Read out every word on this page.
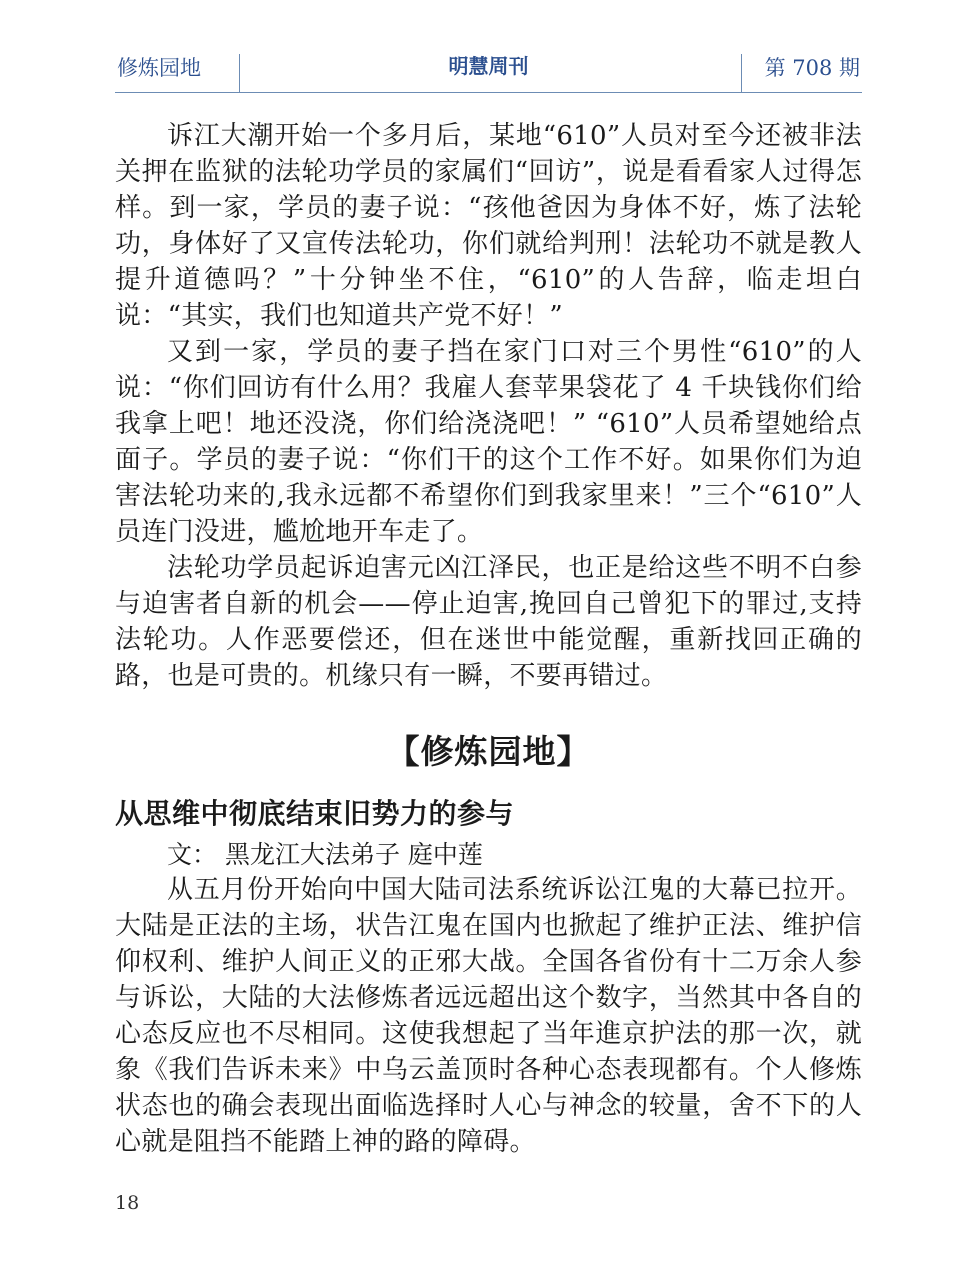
修炼园地	明慧周刊	第 708 期

诉江大潮开始一个多月后，某地“610”人员对至今还被非法关押在监狱的法轮功学员的家属们“回访”，说是看看家人过得怎样。到一家，学员的妻子说：“孩他爸因为身体不好，炼了法轮功，身体好了又宣传法轮功，你们就给判刑！法轮功不就是教人提升道德吗？”十分钟坐不住，“610”的人告辞，临走坦白说：“其实，我们也知道共产党不好！”

又到一家，学员的妻子挡在家门口对三个男性“610”的人说：“你们回访有什么用？我雇人套苹果袋花了 4 千块钱你们给我拿上吧！地还没浇，你们给浇浇吧！” “610”人员希望她给点面子。学员的妻子说：“你们干的这个工作不好。如果你们为迫害法轮功来的,我永远都不希望你们到我家里来！”三个“610”人员连门没进，尴尬地开车走了。

法轮功学员起诉迫害元凶江泽民，也正是给这些不明不白参与迫害者自新的机会——停止迫害,挽回自己曾犯下的罪过,支持法轮功。人作恶要偿还，但在迷世中能觉醒，重新找回正确的路，也是可贵的。机缘只有一瞬，不要再错过。

【修炼园地】
从思维中彻底结束旧势力的参与

文： 黑龙江大法弟子 庭中莲

从五月份开始向中国大陆司法系统诉讼江鬼的大幕已拉开。大陆是正法的主场，状告江鬼在国内也掀起了维护正法、维护信仰权利、维护人间正义的正邪大战。全国各省份有十二万余人参与诉讼，大陆的大法修炼者远远超出这个数字，当然其中各自的心态反应也不尽相同。这使我想起了当年進京护法的那一次，就象《我们告诉未来》中乌云盖顶时各种心态表现都有。个人修炼状态也的确会表现出面临选择时人心与神念的较量，舍不下的人心就是阻挡不能踏上神的路的障碍。

18
